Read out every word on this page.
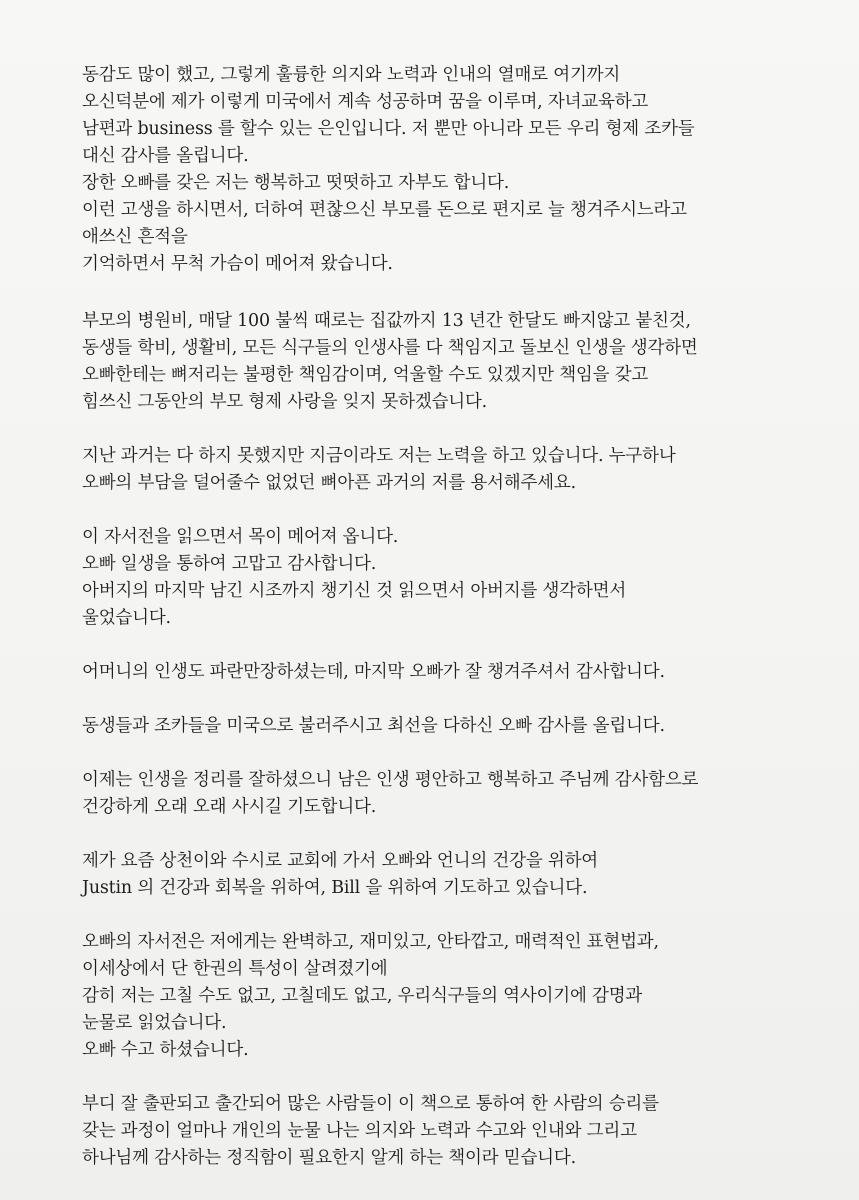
동감도 많이 했고, 그렇게 훌륭한 의지와 노력과 인내의 열매로 여기까지
오신덕분에 제가 이렇게 미국에서 계속 성공하며 꿈을 이루며, 자녀교육하고
남편과 business 를 할수 있는 은인입니다. 저 뿐만 아니라 모든 우리 형제 조카들
대신 감사를 올립니다.
장한 오빠를 갖은 저는 행복하고 떳떳하고 자부도 합니다.
이런 고생을 하시면서, 더하여 편찮으신 부모를 돈으로 편지로 늘 챙겨주시느라고
애쓰신 흔적을
기억하면서 무척 가슴이 메어져 왔습니다.
부모의 병원비, 매달 100 불씩 때로는 집값까지 13 년간 한달도 빠지않고 붙친것,
동생들 학비, 생활비, 모든 식구들의 인생사를 다 책임지고 돌보신 인생을 생각하면
오빠한테는 뼈저리는 불평한 책임감이며, 억울할 수도 있겠지만 책임을 갖고
힘쓰신 그동안의 부모 형제 사랑을 잊지 못하겠습니다.
지난 과거는 다 하지 못했지만 지금이라도 저는 노력을 하고 있습니다. 누구하나
오빠의 부담을 덜어줄수 없었던 뼈아픈 과거의 저를 용서해주세요.
이 자서전을 읽으면서 목이 메어져 옵니다.
오빠 일생을 통하여 고맙고 감사합니다.
아버지의 마지막 남긴 시조까지 챙기신 것 읽으면서 아버지를 생각하면서
울었습니다.
어머니의 인생도 파란만장하셨는데, 마지막 오빠가 잘 챙겨주셔서 감사합니다.
동생들과 조카들을 미국으로 불러주시고 최선을 다하신 오빠 감사를 올립니다.
이제는 인생을 정리를 잘하셨으니 남은 인생 평안하고 행복하고 주님께 감사함으로
건강하게 오래 오래 사시길 기도합니다.
제가 요즘 상천이와 수시로 교회에 가서 오빠와 언니의 건강을 위하여
Justin 의 건강과 회복을 위하여, Bill 을 위하여 기도하고 있습니다.
오빠의 자서전은 저에게는 완벽하고, 재미있고, 안타깝고, 매력적인 표현법과,
이세상에서 단 한권의 특성이 살려졌기에
감히 저는 고칠 수도 없고, 고칠데도 없고, 우리식구들의 역사이기에 감명과
눈물로 읽었습니다.
오빠 수고 하셨습니다.
부디 잘 출판되고 출간되어 많은 사람들이 이 책으로 통하여 한 사람의 승리를
갖는 과정이 얼마나 개인의 눈물 나는 의지와 노력과 수고와 인내와 그리고
하나님께 감사하는 정직함이 필요한지 알게 하는 책이라 믿습니다.
